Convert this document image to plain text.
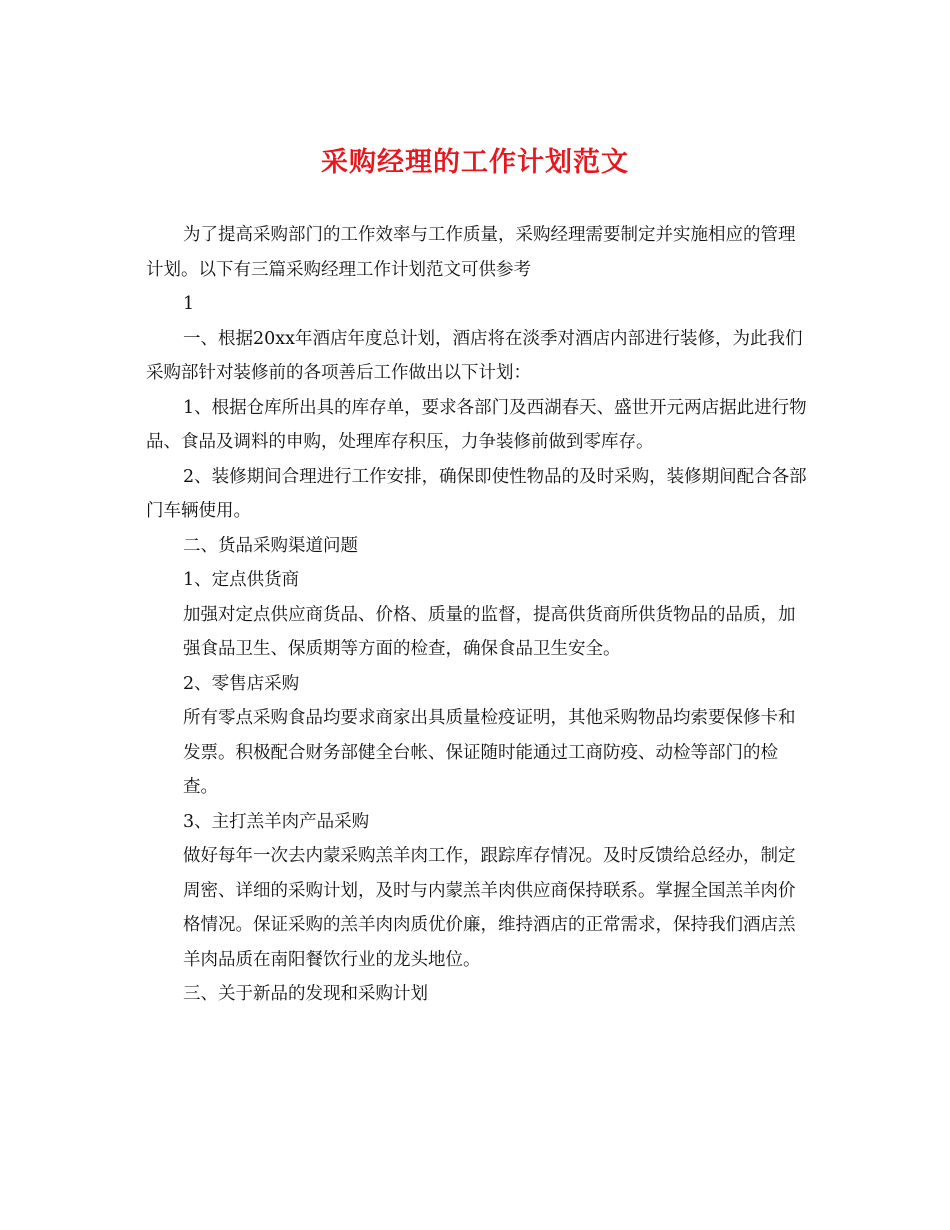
采购经理的工作计划范文

为了提高采购部门的工作效率与工作质量，采购经理需要制定并实施相应的管理计划。以下有三篇采购经理工作计划范文可供参考

1

一、根据20xx年酒店年度总计划，酒店将在淡季对酒店内部进行装修，为此我们采购部针对装修前的各项善后工作做出以下计划：

1、根据仓库所出具的库存单，要求各部门及西湖春天、盛世开元两店据此进行物品、食品及调料的申购，处理库存积压，力争装修前做到零库存。

2、装修期间合理进行工作安排，确保即使性物品的及时采购，装修期间配合各部门车辆使用。

二、货品采购渠道问题

1、定点供货商

加强对定点供应商货品、价格、质量的监督，提高供货商所供货物品的品质，加强食品卫生、保质期等方面的检查，确保食品卫生安全。

2、零售店采购

所有零点采购食品均要求商家出具质量检疫证明，其他采购物品均索要保修卡和发票。积极配合财务部健全台帐、保证随时能通过工商防疫、动检等部门的检查。

3、主打羔羊肉产品采购

做好每年一次去内蒙采购羔羊肉工作，跟踪库存情况。及时反馈给总经办，制定周密、详细的采购计划，及时与内蒙羔羊肉供应商保持联系。掌握全国羔羊肉价格情况。保证采购的羔羊肉肉质优价廉，维持酒店的正常需求，保持我们酒店羔羊肉品质在南阳餐饮行业的龙头地位。

三、关于新品的发现和采购计划
